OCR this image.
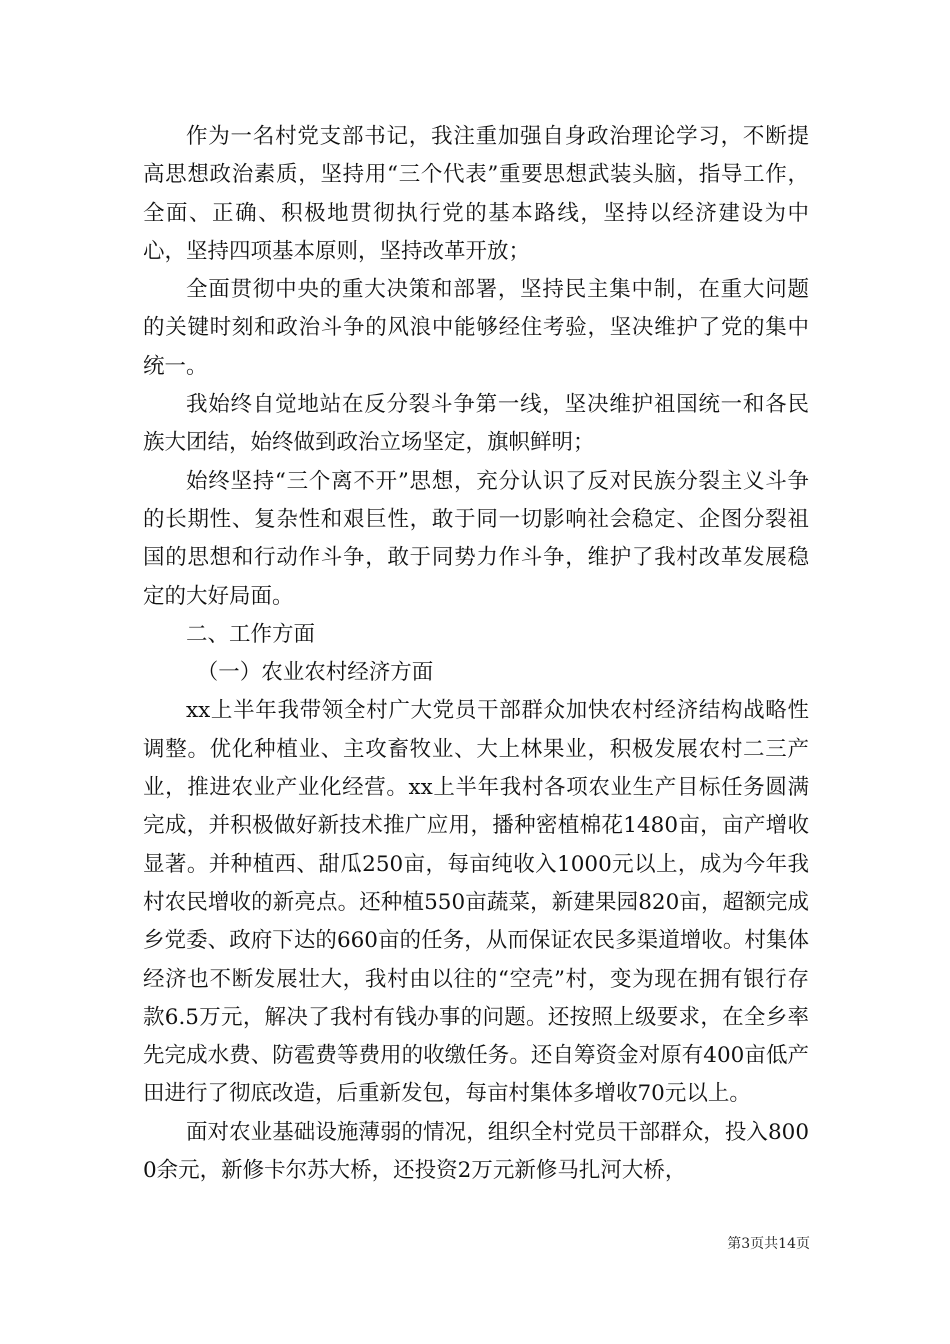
作为一名村党支部书记，我注重加强自身政治理论学习，不断提高思想政治素质，坚持用“三个代表”重要思想武装头脑，指导工作，全面、正确、积极地贯彻执行党的基本路线，坚持以经济建设为中心，坚持四项基本原则，坚持改革开放；

全面贯彻中央的重大决策和部署，坚持民主集中制，在重大问题的关键时刻和政治斗争的风浪中能够经住考验，坚决维护了党的集中统一。

我始终自觉地站在反分裂斗争第一线，坚决维护祖国统一和各民族大团结，始终做到政治立场坚定，旗帜鲜明；

始终坚持“三个离不开”思想，充分认识了反对民族分裂主义斗争的长期性、复杂性和艰巨性，敢于同一切影响社会稳定、企图分裂祖国的思想和行动作斗争，敢于同势力作斗争，维护了我村改革发展稳定的大好局面。

二、工作方面

（一）农业农村经济方面

xx上半年我带领全村广大党员干部群众加快农村经济结构战略性调整。优化种植业、主攻畜牧业、大上林果业，积极发展农村二三产业，推进农业产业化经营。xx上半年我村各项农业生产目标任务圆满完成，并积极做好新技术推广应用，播种密植棉花1480亩，亩产增收显著。并种植西、甜瓜250亩，每亩纯收入1000元以上，成为今年我村农民增收的新亮点。还种植550亩蔬菜，新建果园820亩，超额完成乡党委、政府下达的660亩的任务，从而保证农民多渠道增收。村集体经济也不断发展壮大，我村由以往的“空壳”村，变为现在拥有银行存款6.5万元，解决了我村有钱办事的问题。还按照上级要求，在全乡率先完成水费、防雹费等费用的收缴任务。还自筹资金对原有400亩低产田进行了彻底改造，后重新发包，每亩村集体多增收70元以上。

面对农业基础设施薄弱的情况，组织全村党员干部群众，投入8000余元，新修卡尔苏大桥，还投资2万元新修马扎河大桥，

第3页共14页
